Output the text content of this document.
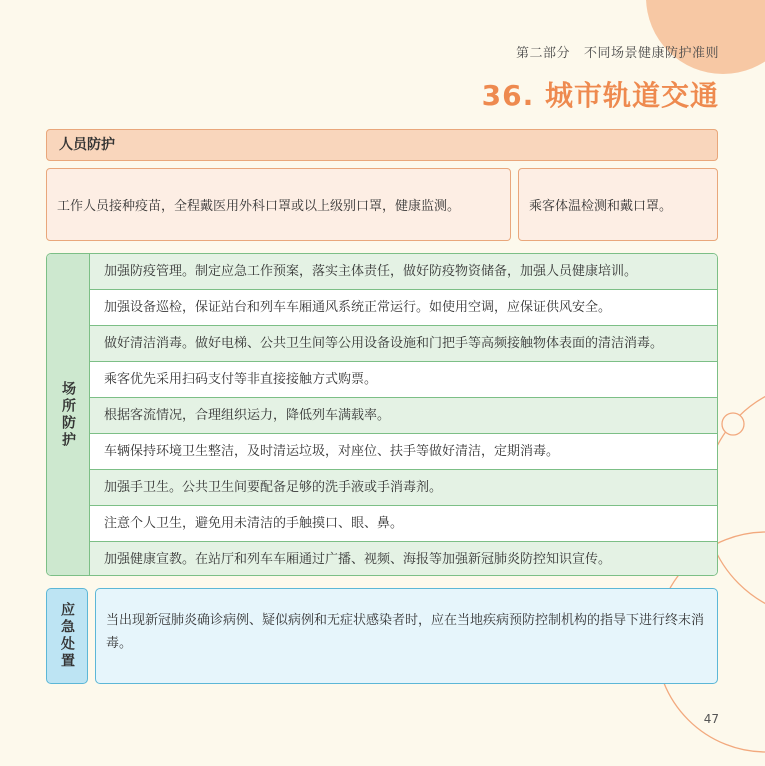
第二部分 不同场景健康防护准则
36. 城市轨道交通
人员防护
工作人员接种疫苗，全程戴医用外科口罩或以上级别口罩，健康监测。	乘客体温检测和戴口罩。
场所防护
加强防疫管理。制定应急工作预案，落实主体责任，做好防疫物资储备，加强人员健康培训。
加强设备巡检，保证站台和列车车厢通风系统正常运行。如使用空调，应保证供风安全。
做好清洁消毒。做好电梯、公共卫生间等公用设备设施和门把手等高频接触物体表面的清洁消毒。
乘客优先采用扫码支付等非直接接触方式购票。
根据客流情况，合理组织运力，降低列车满载率。
车辆保持环境卫生整洁，及时清运垃圾，对座位、扶手等做好清洁，定期消毒。
加强手卫生。公共卫生间要配备足够的洗手液或手消毒剂。
注意个人卫生，避免用未清洁的手触摸口、眼、鼻。
加强健康宣教。在站厅和列车车厢通过广播、视频、海报等加强新冠肺炎防控知识宣传。
应急处置	当出现新冠肺炎确诊病例、疑似病例和无症状感染者时，应在当地疾病预防控制机构的指导下进行终末消毒。
47
